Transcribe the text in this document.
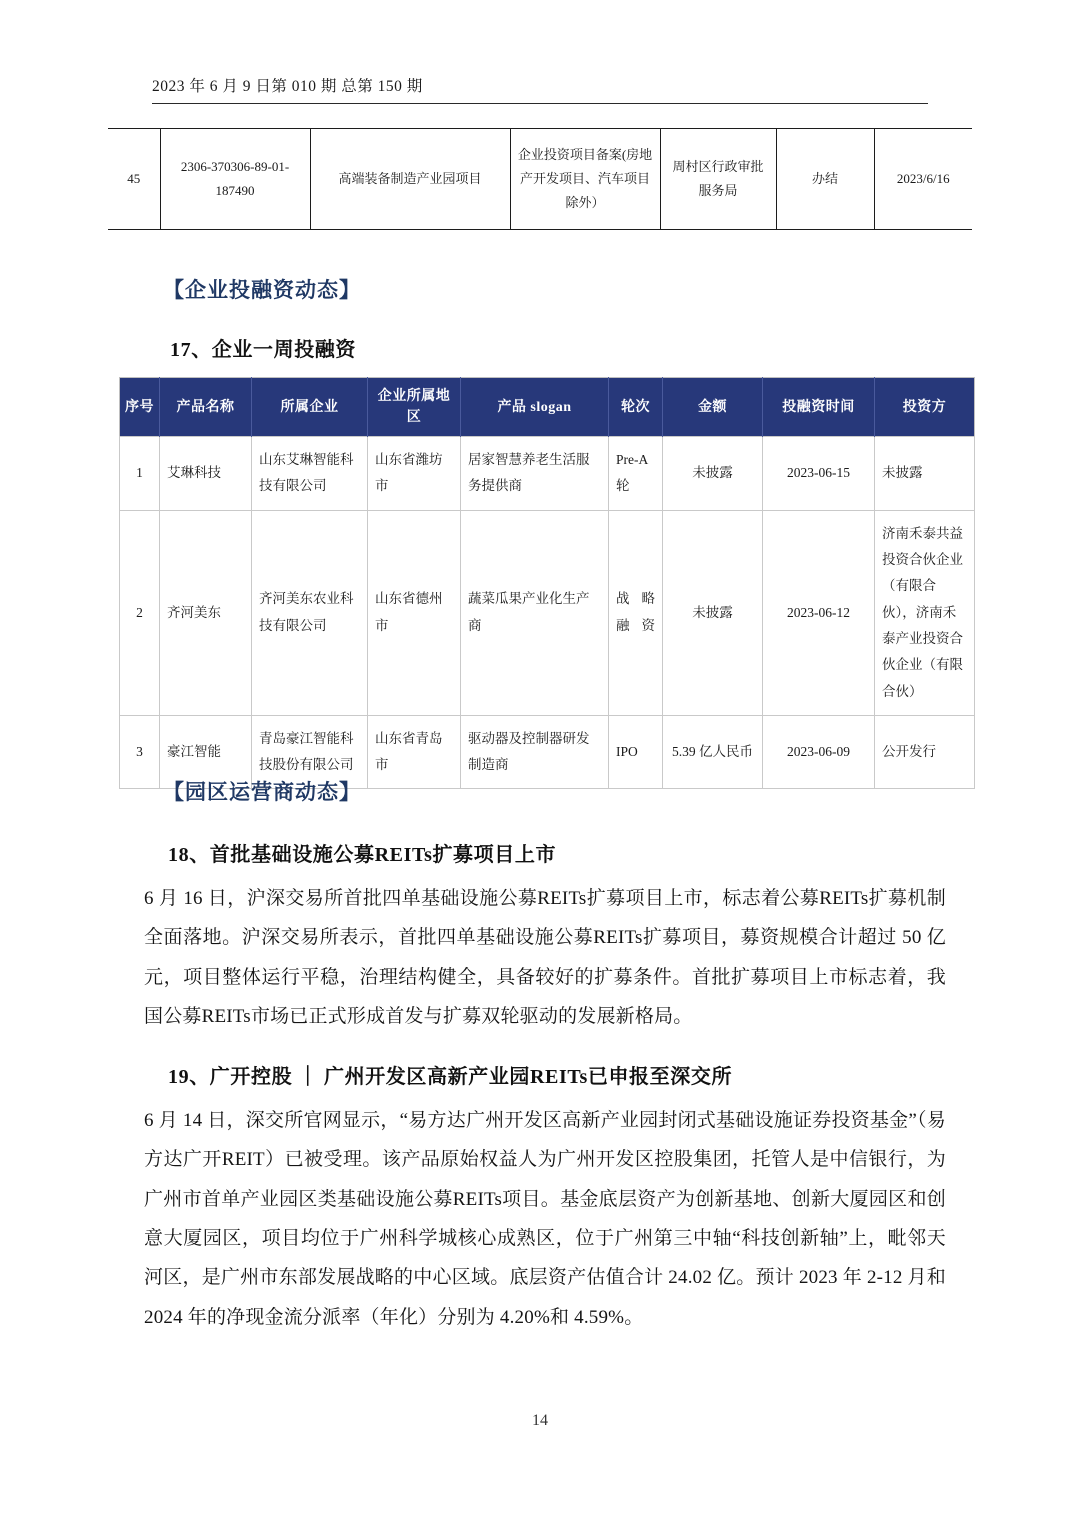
2023 年 6 月 9 日第 010 期 总第 150 期
45	2306-370306-89-01-187490	高端装备制造产业园项目	企业投资项目备案(房地产开发项目、汽车项目除外）	周村区行政审批服务局	办结	2023/6/16
【企业投融资动态】
17、企业一周投融资
序号	产品名称	所属企业	企业所属地区	产品 slogan	轮次	金额	投融资时间	投资方
1	艾琳科技	山东艾琳智能科技有限公司	山东省潍坊市	居家智慧养老生活服务提供商	Pre-A轮	未披露	2023-06-15	未披露
2	齐河美东	齐河美东农业科技有限公司	山东省德州市	蔬菜瓜果产业化生产商	战略融资	未披露	2023-06-12	济南禾泰共益投资合伙企业（有限合伙），济南禾泰产业投资合伙企业（有限合伙）
3	豪江智能	青岛豪江智能科技股份有限公司	山东省青岛市	驱动器及控制器研发制造商	IPO	5.39 亿人民币	2023-06-09	公开发行
【园区运营商动态】
18、首批基础设施公募REITs扩募项目上市
6 月 16 日，沪深交易所首批四单基础设施公募REITs扩募项目上市，标志着公募REITs扩募机制全面落地。沪深交易所表示，首批四单基础设施公募REITs扩募项目，募资规模合计超过 50 亿元，项目整体运行平稳，治理结构健全，具备较好的扩募条件。首批扩募项目上市标志着，我国公募REITs市场已正式形成首发与扩募双轮驱动的发展新格局。
19、广开控股 ｜ 广州开发区高新产业园REITs已申报至深交所
6 月 14 日，深交所官网显示，“易方达广州开发区高新产业园封闭式基础设施证券投资基金”（易方达广开REIT）已被受理。该产品原始权益人为广州开发区控股集团，托管人是中信银行，为广州市首单产业园区类基础设施公募REITs项目。基金底层资产为创新基地、创新大厦园区和创意大厦园区，项目均位于广州科学城核心成熟区，位于广州第三中轴“科技创新轴”上，毗邻天河区，是广州市东部发展战略的中心区域。底层资产估值合计 24.02 亿。预计 2023 年 2-12 月和 2024 年的净现金流分派率（年化）分别为 4.20%和 4.59%。
14
